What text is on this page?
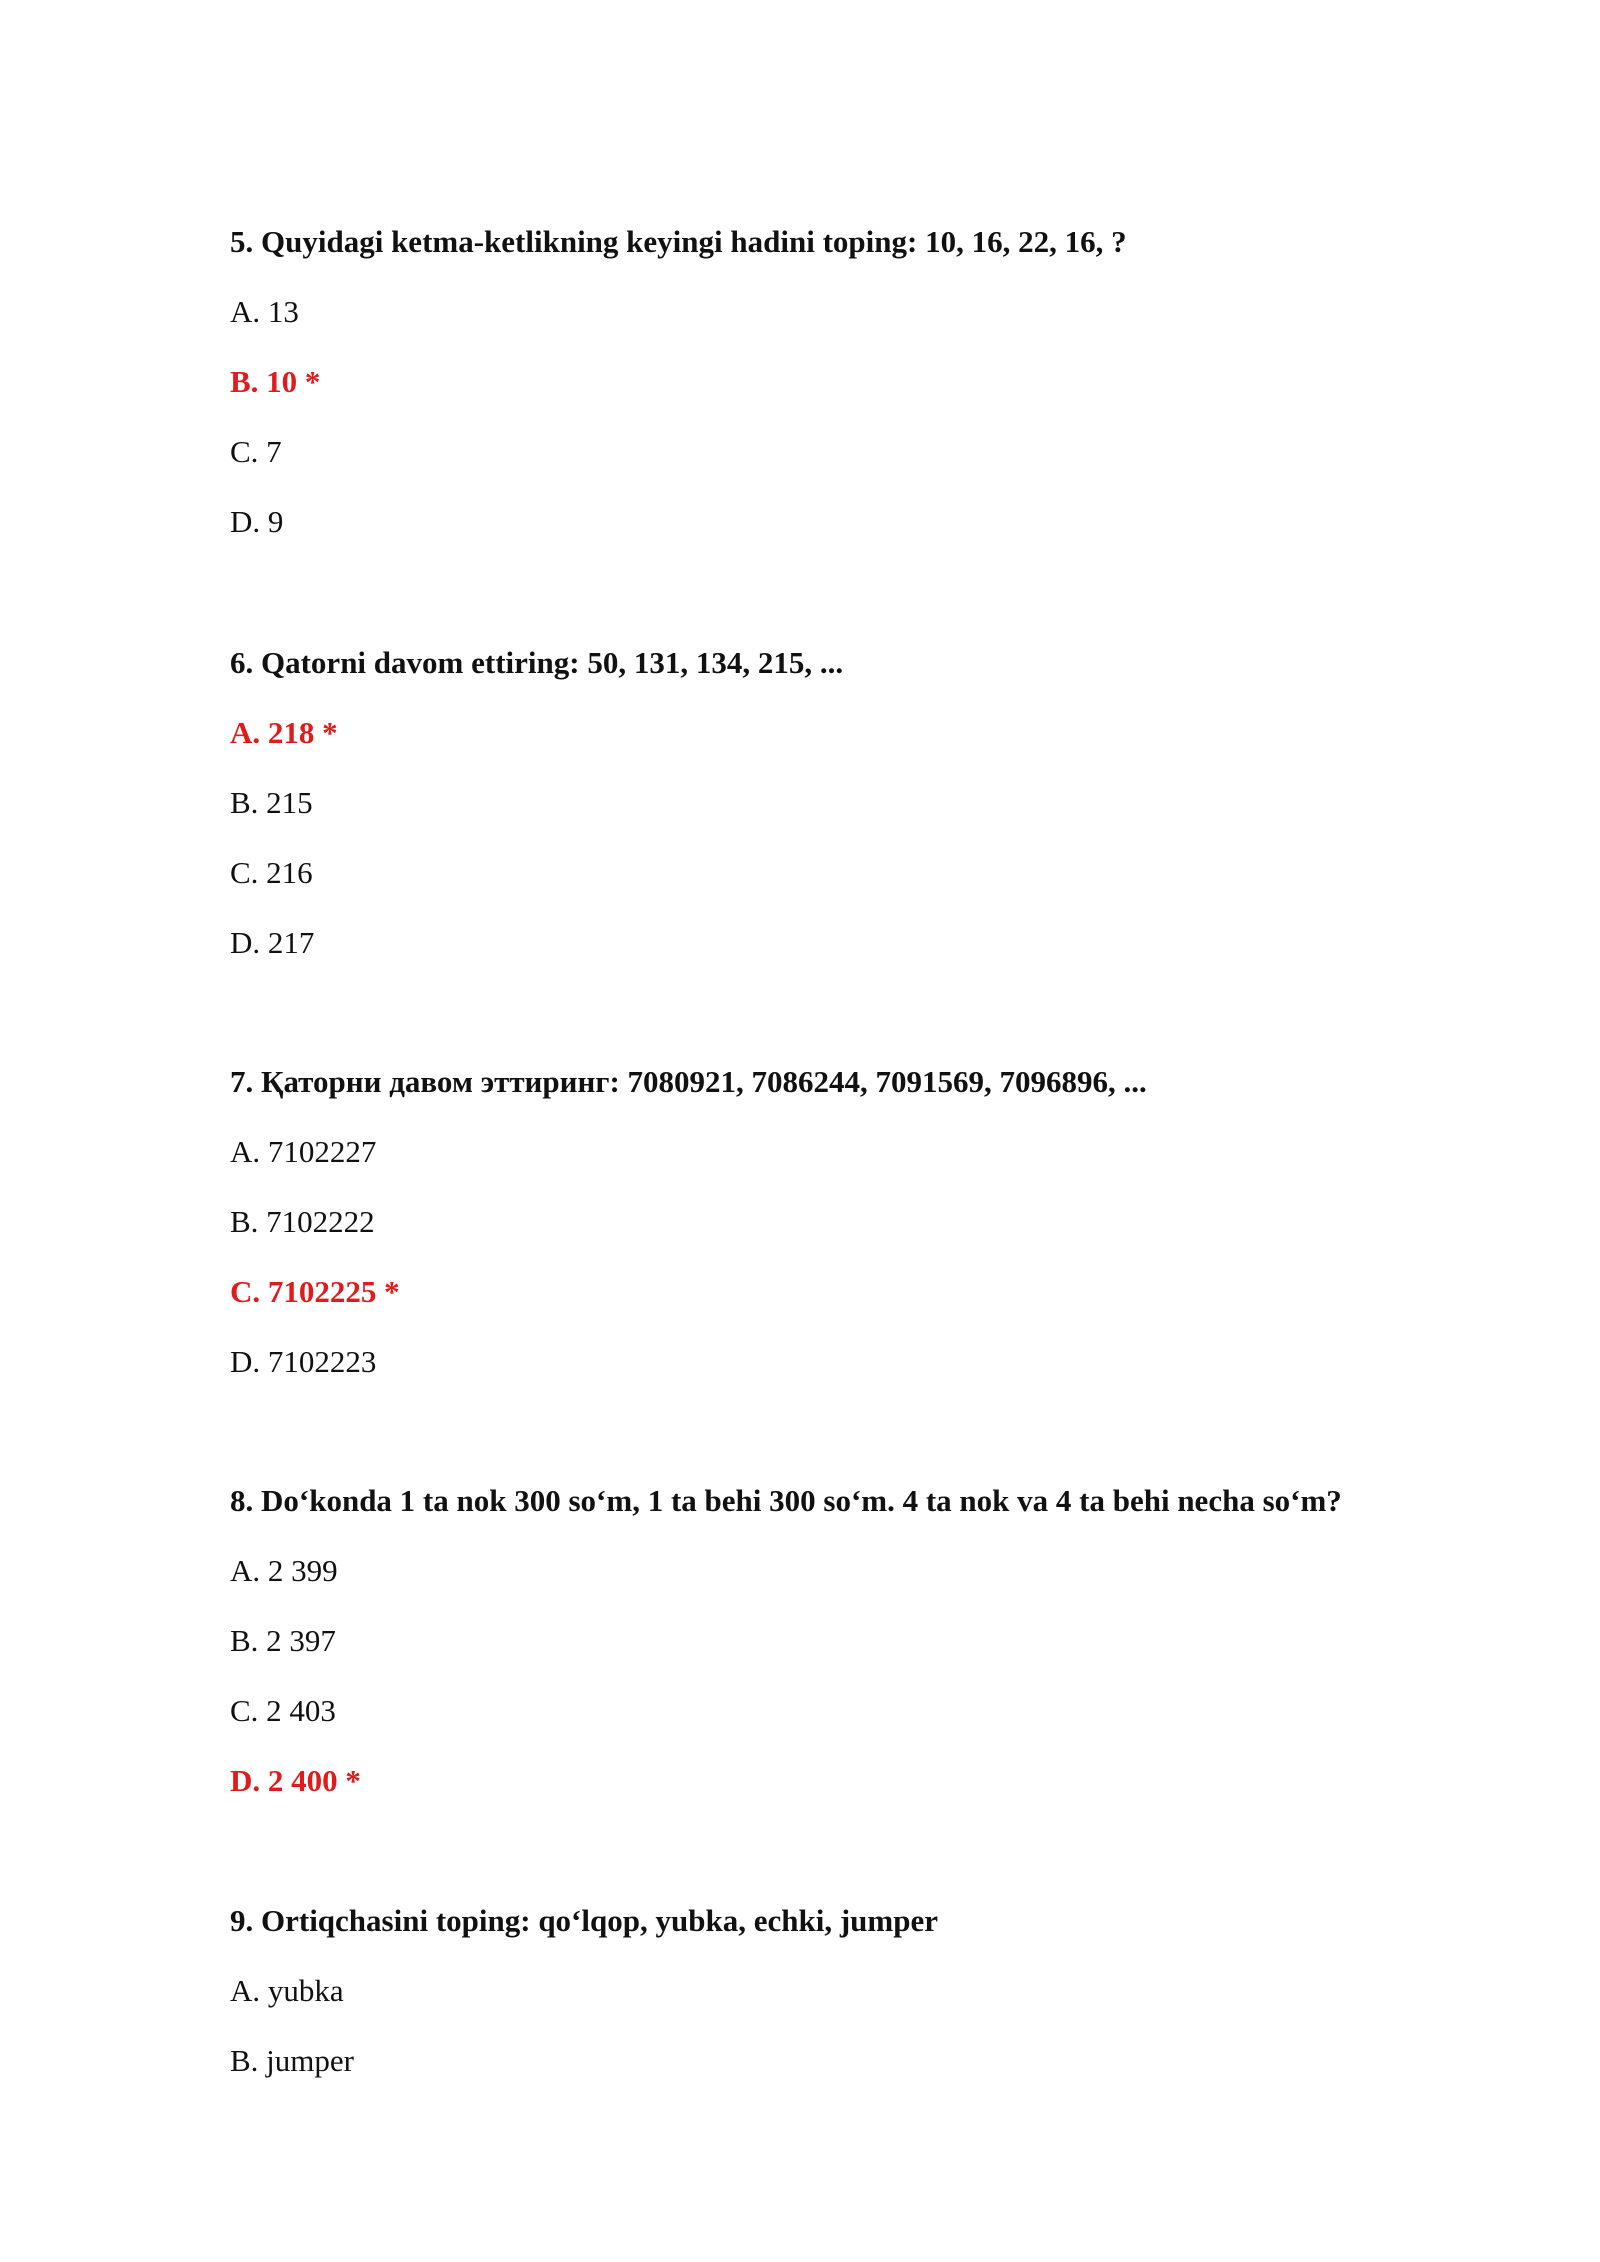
5. Quyidagi ketma-ketlikning keyingi hadini toping: 10, 16, 22, 16, ?
A. 13
B. 10 *
C. 7
D. 9
6. Qatorni davom ettiring: 50, 131, 134, 215, ...
A. 218 *
B. 215
C. 216
D. 217
7. Қаторни давом эттиринг: 7080921, 7086244, 7091569, 7096896, ...
A. 7102227
B. 7102222
C. 7102225 *
D. 7102223
8. Do‘konda 1 ta nok 300 so‘m, 1 ta behi 300 so‘m. 4 ta nok va 4 ta behi necha so‘m?
A. 2 399
B. 2 397
C. 2 403
D. 2 400 *
9. Ortiqchasini toping: qo‘lqop, yubka, echki, jumper
A. yubka
B. jumper
